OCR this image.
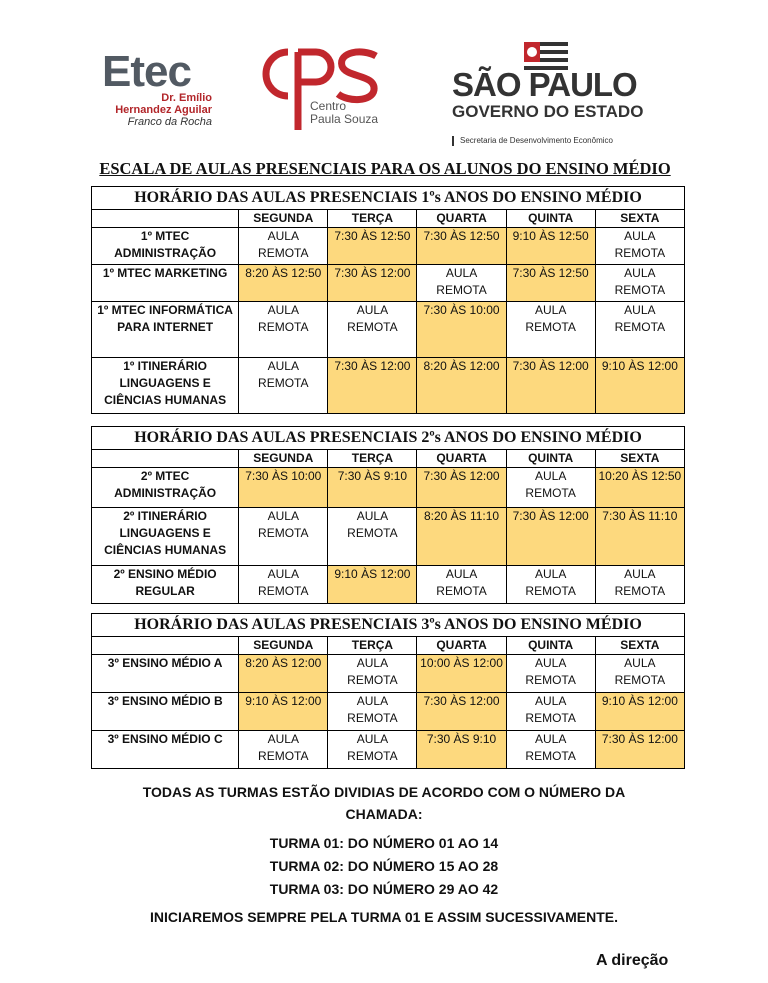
Etec
Dr. Emílio
Hernandez Aguilar
Franco da Rocha
Centro
Paula Souza
SÃO PAULO
GOVERNO DO ESTADO
Secretaria de Desenvolvimento Econômico
ESCALA DE AULAS PRESENCIAIS PARA OS ALUNOS DO ENSINO MÉDIO
HORÁRIO DAS AULAS PRESENCIAIS 1ºs ANOS DO ENSINO MÉDIO					
	SEGUNDA	TERÇA	QUARTA	QUINTA	SEXTA
1º MTEC ADMINISTRAÇÃO	AULA REMOTA	7:30 ÀS 12:50	7:30 ÀS 12:50	9:10 ÀS 12:50	AULA REMOTA
1º MTEC MARKETING	8:20 ÀS 12:50	7:30 ÀS 12:00	AULA REMOTA	7:30 ÀS 12:50	AULA REMOTA
1º MTEC INFORMÁTICA PARA INTERNET	AULA REMOTA	AULA REMOTA	7:30 ÀS 10:00	AULA REMOTA	AULA REMOTA
1º ITINERÁRIO LINGUAGENS E CIÊNCIAS HUMANAS	AULA REMOTA	7:30 ÀS 12:00	8:20 ÀS 12:00	7:30 ÀS 12:00	9:10 ÀS 12:00
HORÁRIO DAS AULAS PRESENCIAIS 2ºs ANOS DO ENSINO MÉDIO					
	SEGUNDA	TERÇA	QUARTA	QUINTA	SEXTA
2º MTEC ADMINISTRAÇÃO	7:30 ÀS 10:00	7:30 ÀS 9:10	7:30 ÀS 12:00	AULA REMOTA	10:20 ÀS 12:50
2º ITINERÁRIO LINGUAGENS E CIÊNCIAS HUMANAS	AULA REMOTA	AULA REMOTA	8:20 ÀS 11:10	7:30 ÀS 12:00	7:30 ÀS 11:10
2º ENSINO MÉDIO REGULAR	AULA REMOTA	9:10 ÀS 12:00	AULA REMOTA	AULA REMOTA	AULA REMOTA
HORÁRIO DAS AULAS PRESENCIAIS 3ºs ANOS DO ENSINO MÉDIO					
	SEGUNDA	TERÇA	QUARTA	QUINTA	SEXTA
3º ENSINO MÉDIO A	8:20 ÀS 12:00	AULA REMOTA	10:00 ÀS 12:00	AULA REMOTA	AULA REMOTA
3º ENSINO MÉDIO B	9:10 ÀS 12:00	AULA REMOTA	7:30 ÀS 12:00	AULA REMOTA	9:10 ÀS 12:00
3º ENSINO MÉDIO C	AULA REMOTA	AULA REMOTA	7:30 ÀS 9:10	AULA REMOTA	7:30 ÀS 12:00
TODAS AS TURMAS ESTÃO DIVIDIAS DE ACORDO COM O NÚMERO DA CHAMADA:
TURMA 01: DO NÚMERO 01 AO 14
TURMA 02: DO NÚMERO 15 AO 28
TURMA 03: DO NÚMERO 29 AO 42
INICIAREMOS SEMPRE PELA TURMA 01 E ASSIM SUCESSIVAMENTE.
A direção
